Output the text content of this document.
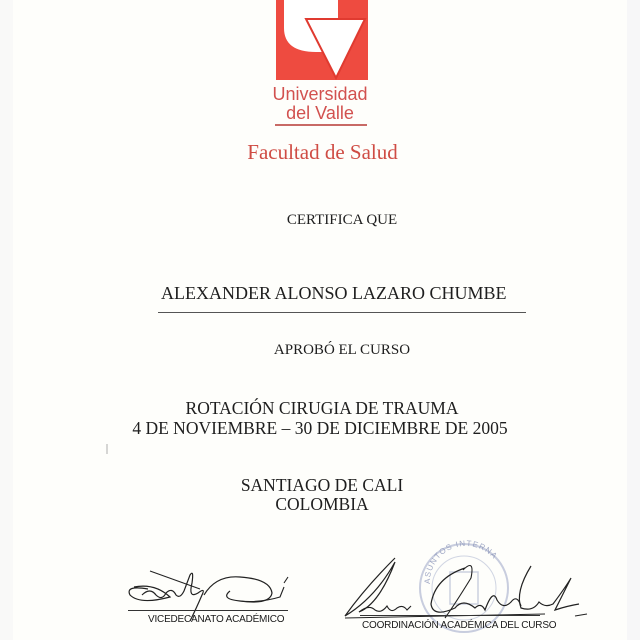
Universidad
del Valle
Facultad de Salud
CERTIFICA QUE
ALEXANDER ALONSO LAZARO CHUMBE
APROBÓ EL CURSO
ROTACIÓN CIRUGIA DE TRAUMA
4 DE NOVIEMBRE – 30 DE DICIEMBRE DE 2005
SANTIAGO DE CALI
COLOMBIA
VICEDECANATO ACADÉMICO
ASUNTOS INTERNA
COORDINACIÓN ACADÉMICA DEL CURSO
